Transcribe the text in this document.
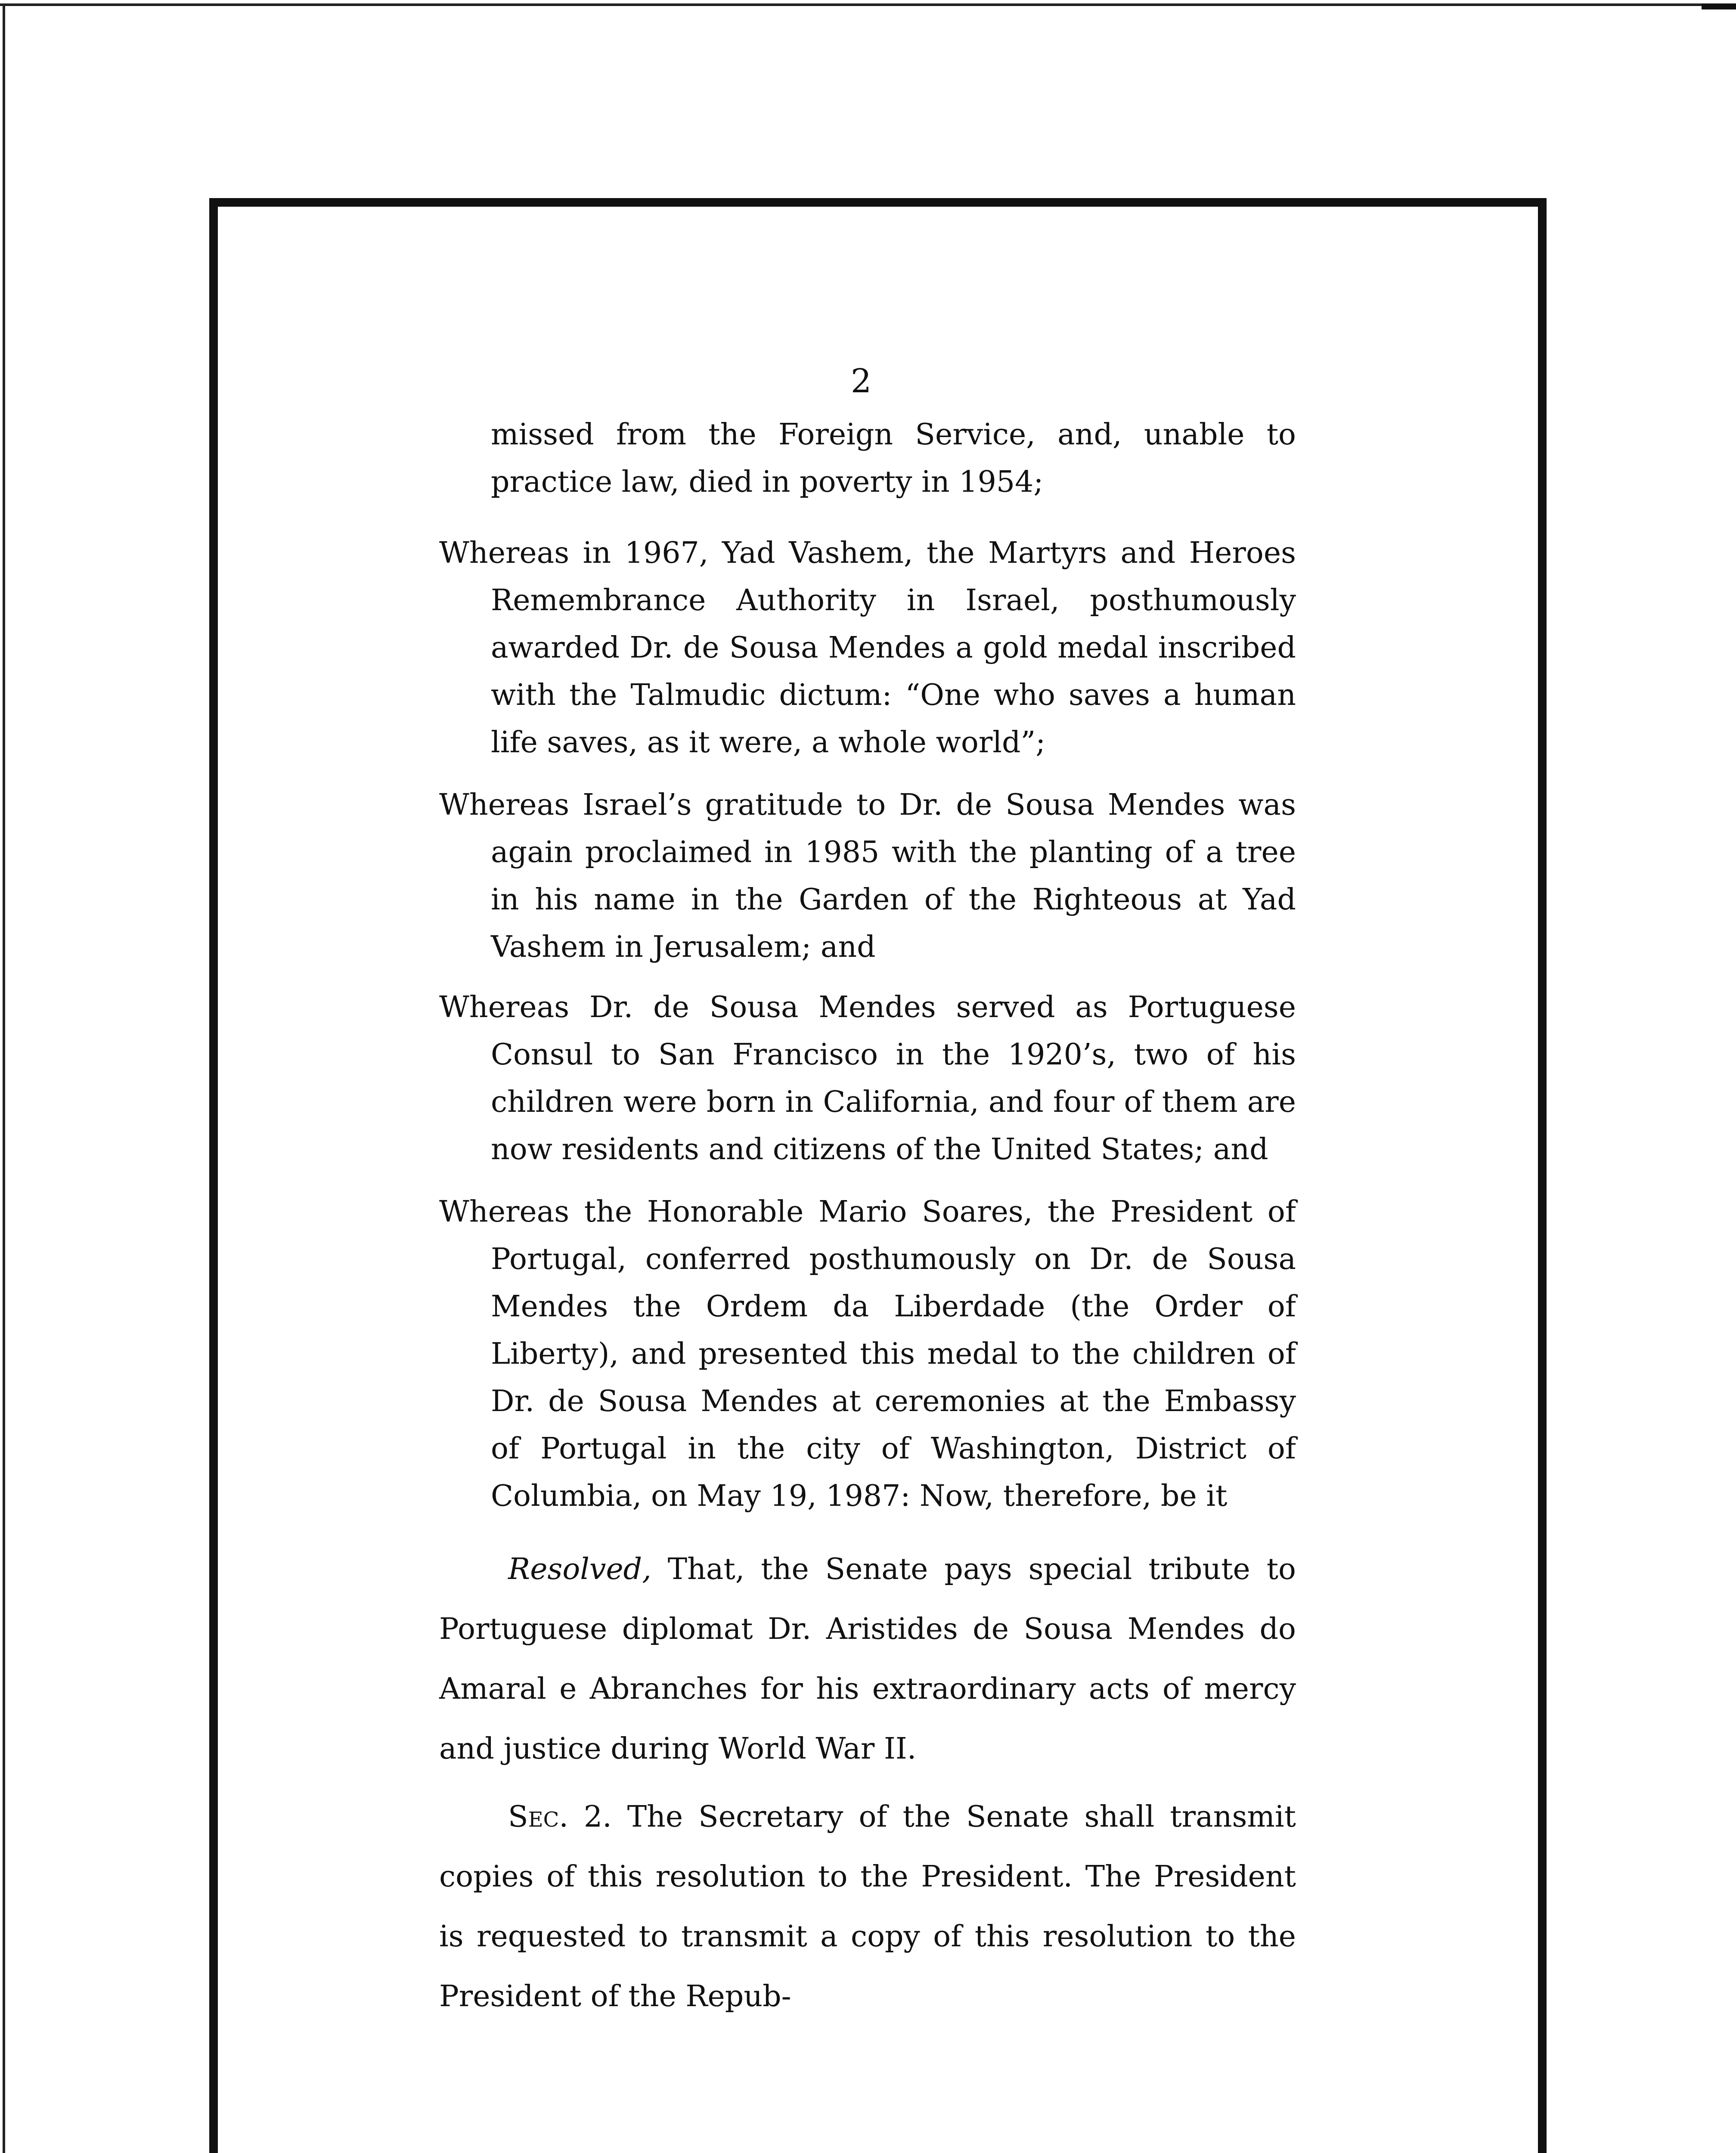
2
missed from the Foreign Service, and, unable to practice law, died in poverty in 1954;
Whereas in 1967, Yad Vashem, the Martyrs and Heroes Remembrance Authority in Israel, posthumously awarded Dr. de Sousa Mendes a gold medal inscribed with the Talmudic dictum: “One who saves a human life saves, as it were, a whole world”;
Whereas Israel’s gratitude to Dr. de Sousa Mendes was again proclaimed in 1985 with the planting of a tree in his name in the Garden of the Righteous at Yad Vashem in Jerusalem; and
Whereas Dr. de Sousa Mendes served as Portuguese Consul to San Francisco in the 1920’s, two of his children were born in California, and four of them are now residents and citizens of the United States; and
Whereas the Honorable Mario Soares, the President of Portugal, conferred posthumously on Dr. de Sousa Mendes the Ordem da Liberdade (the Order of Liberty), and presented this medal to the children of Dr. de Sousa Mendes at ceremonies at the Embassy of Portugal in the city of Washington, District of Columbia, on May 19, 1987: Now, therefore, be it
Resolved, That, the Senate pays special tribute to Portuguese diplomat Dr. Aristides de Sousa Mendes do Amaral e Abranches for his extraordinary acts of mercy and justice during World War II.
Sec. 2. The Secretary of the Senate shall transmit copies of this resolution to the President. The President is requested to transmit a copy of this resolution to the President of the Repub-
